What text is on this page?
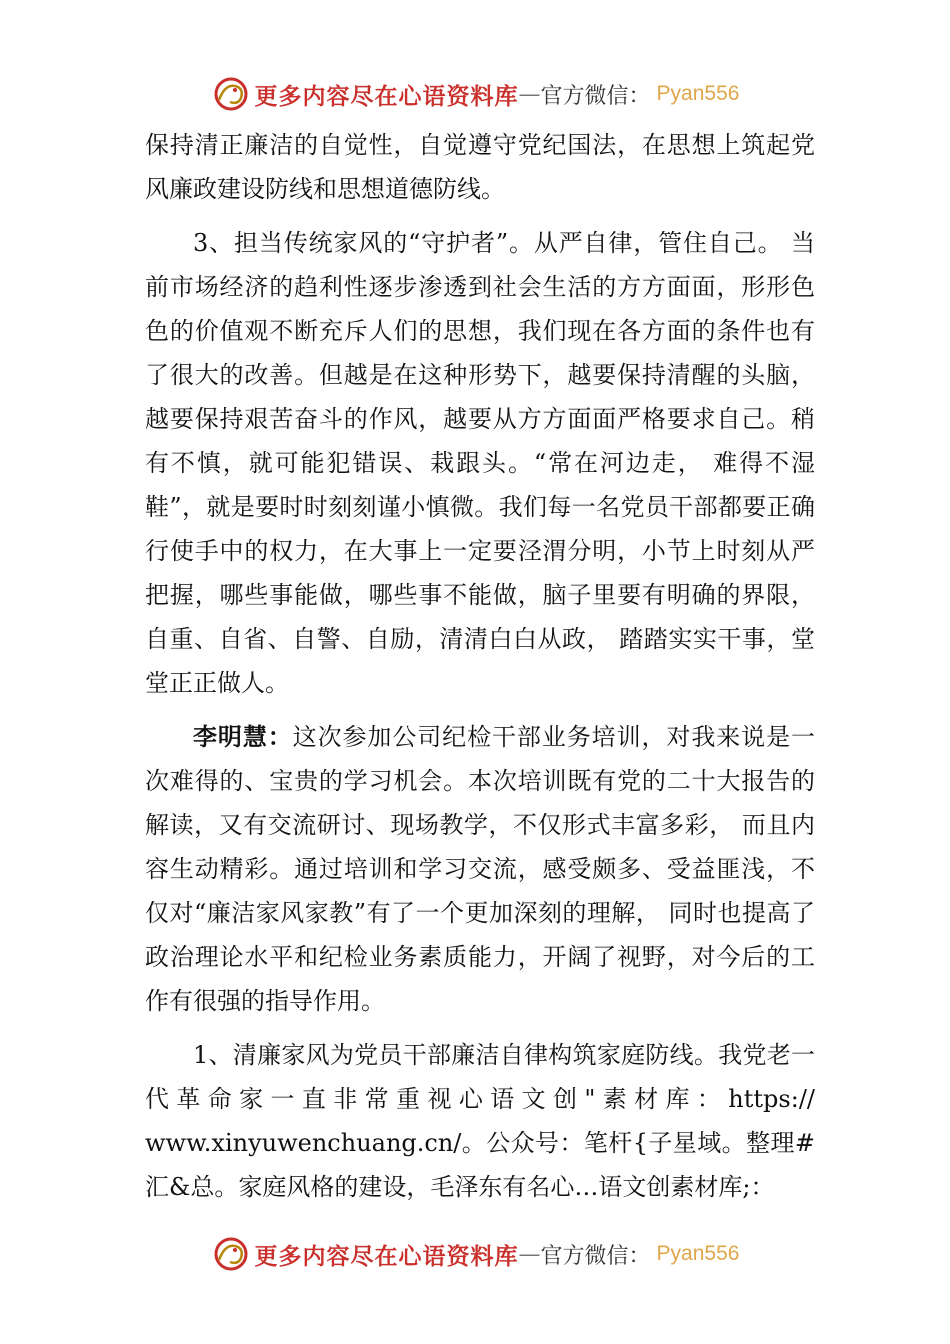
更多内容尽在心语资料库 — 官方微信： Pyan556

保持清正廉洁的自觉性，自觉遵守党纪国法，在思想上筑起党风廉政建设防线和思想道德防线。

3、担当传统家风的“守护者”。从严自律，管住自己。 当前市场经济的趋利性逐步渗透到社会生活的方方面面，形形色色的价值观不断充斥人们的思想，我们现在各方面的条件也有了很大的改善。但越是在这种形势下，越要保持清醒的头脑，越要保持艰苦奋斗的作风，越要从方方面面严格要求自己。稍有不慎，就可能犯错误、栽跟头。“常在河边走， 难得不湿鞋”，就是要时时刻刻谨小慎微。我们每一名党员干部都要正确行使手中的权力，在大事上一定要泾渭分明，小节上时刻从严把握，哪些事能做，哪些事不能做，脑子里要有明确的界限，自重、自省、自警、自励，清清白白从政， 踏踏实实干事，堂堂正正做人。

李明慧：这次参加公司纪检干部业务培训，对我来说是一次难得的、宝贵的学习机会。本次培训既有党的二十大报告的解读，又有交流研讨、现场教学，不仅形式丰富多彩， 而且内容生动精彩。通过培训和学习交流，感受颇多、受益匪浅，不仅对“廉洁家风家教”有了一个更加深刻的理解， 同时也提高了政治理论水平和纪检业务素质能力，开阔了视野，对今后的工作有很强的指导作用。

1、清廉家风为党员干部廉洁自律构筑家庭防线。我党老一代革命家一直非常重视心语文创"素材库：https:// www.xinyuwenchuang.cn/。公众号：笔杆{子星域。整理#汇&总。家庭风格的建设，毛泽东有名心…语文创素材库;：

更多内容尽在心语资料库 — 官方微信： Pyan556
